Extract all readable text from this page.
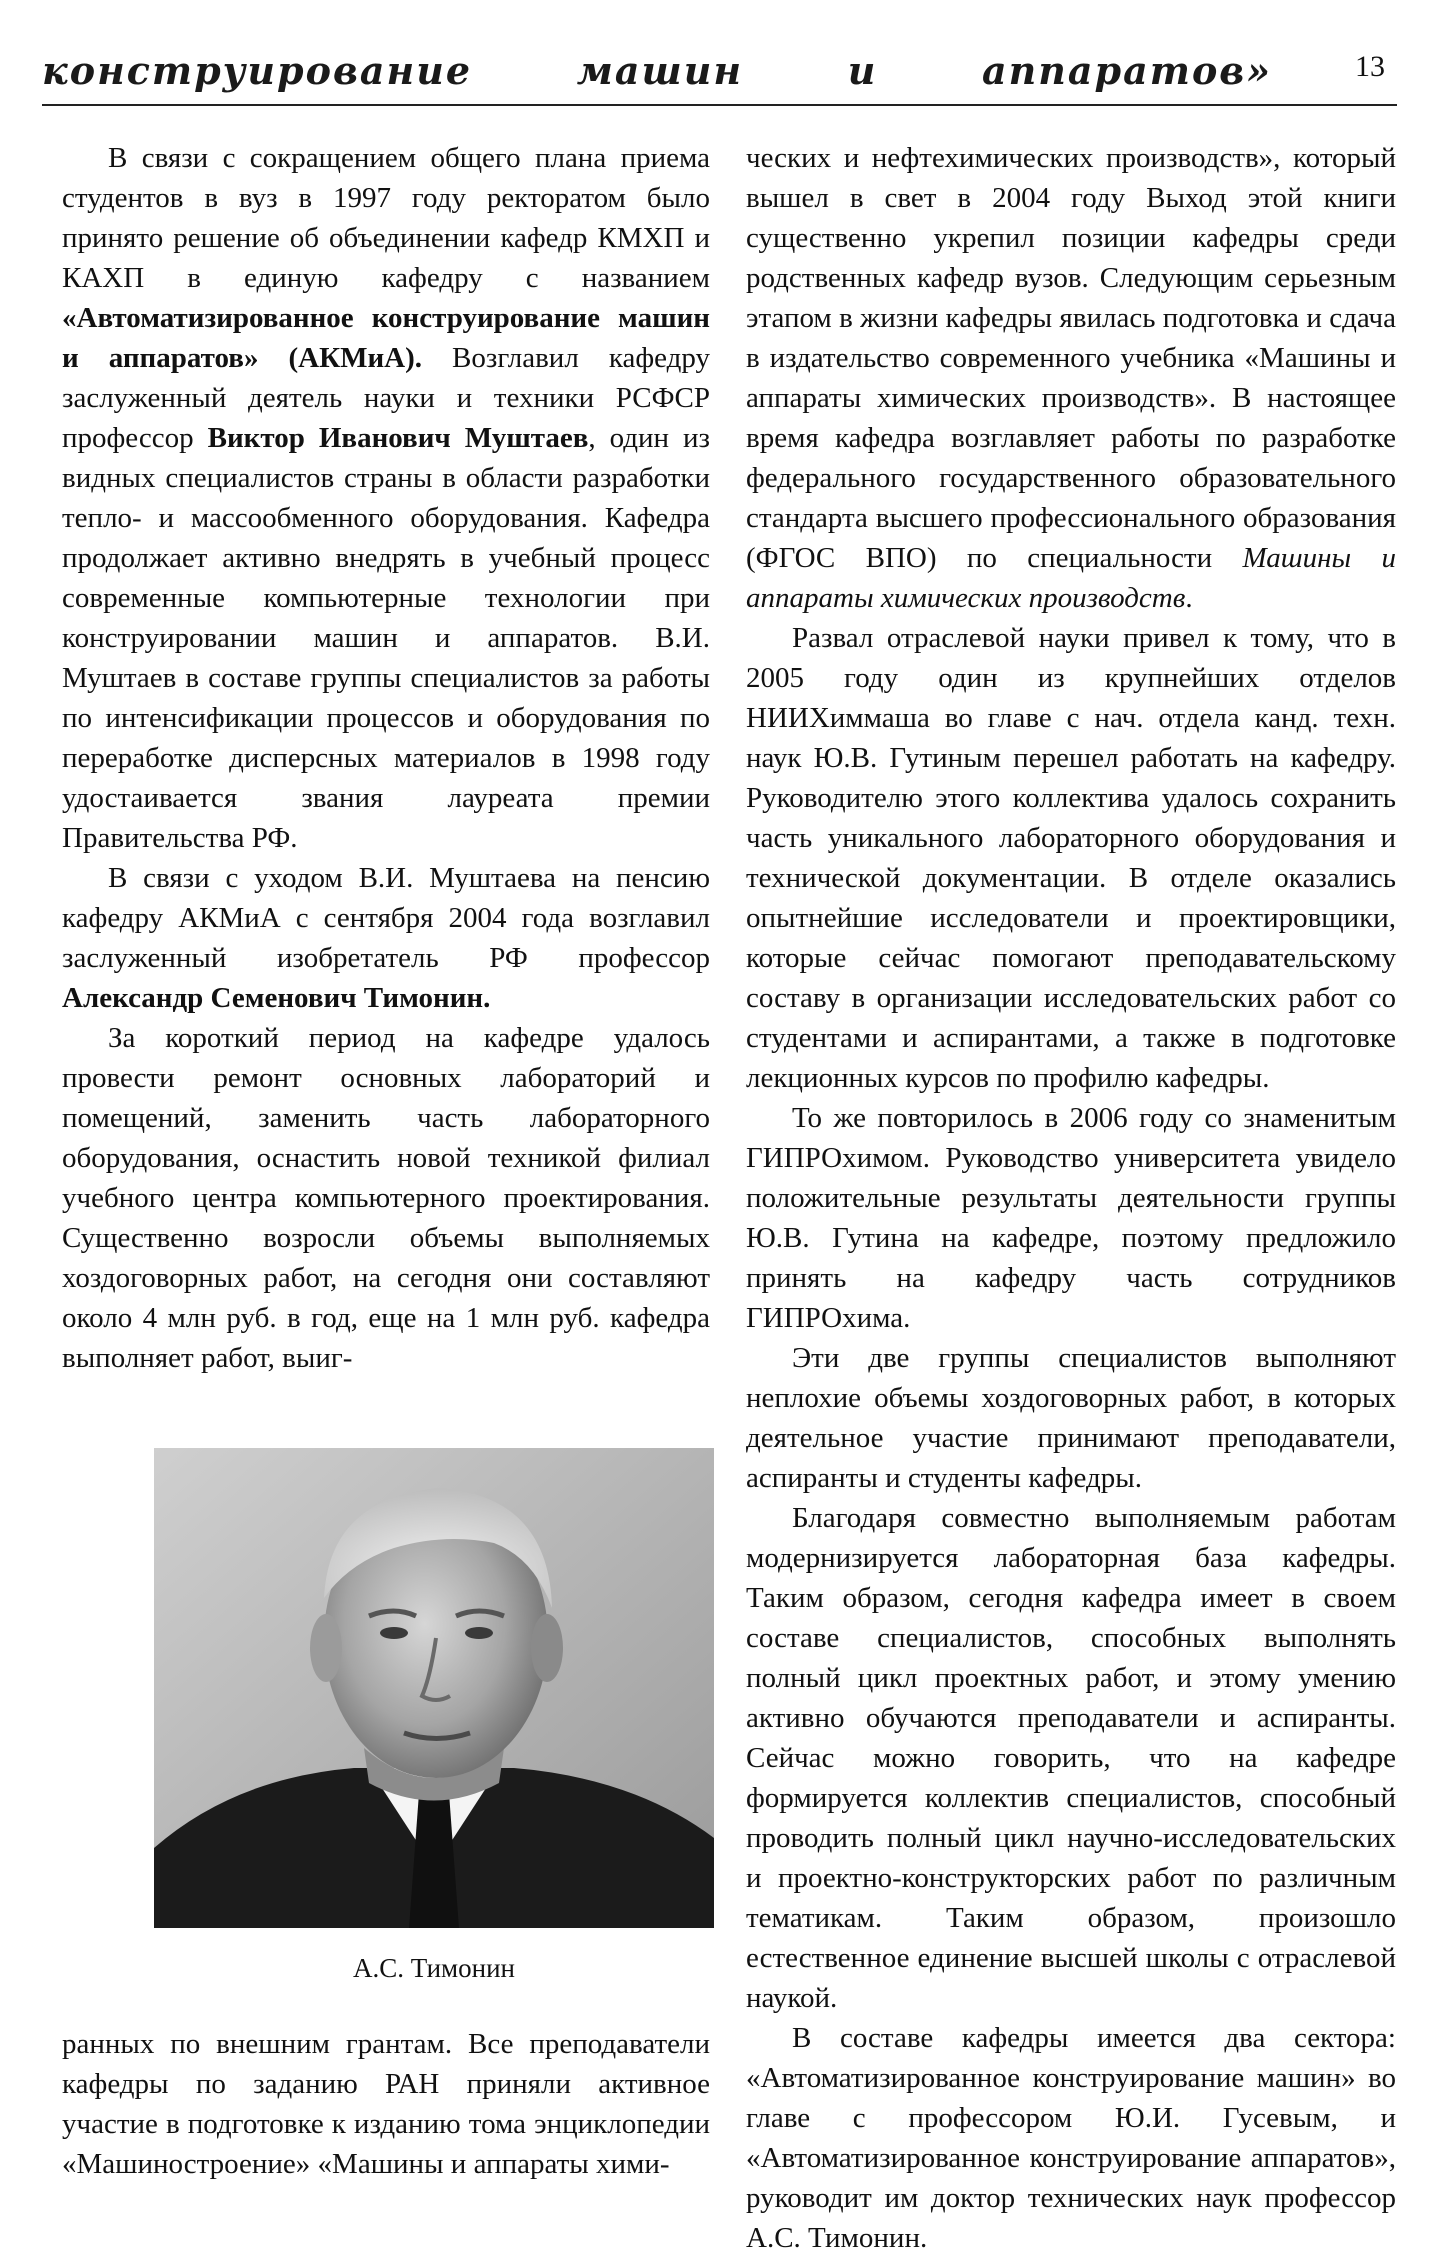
конструирование	машин	и	аппаратов»	13

В связи с сокращением общего плана приема студентов в вуз в 1997 году ректоратом было принято решение об объединении кафедр КМХП и КАХП в единую кафедру с названием «Автоматизированное конструирование машин и аппаратов» (АКМиА). Возглавил кафедру заслуженный деятель науки и техники РСФСР профессор Виктор Иванович Муштаев, один из видных специалистов страны в области разработки тепло- и массообменного оборудования. Кафедра продолжает активно внедрять в учебный процесс современные компьютерные технологии при конструировании машин и аппаратов. В.И. Муштаев в составе группы специалистов за работы по интенсификации процессов и оборудования по переработке дисперсных материалов в 1998 году удостаивается звания лауреата премии Правительства РФ.

В связи с уходом В.И. Муштаева на пенсию кафедру АКМиА с сентября 2004 года возглавил заслуженный изобретатель РФ профессор Александр Семенович Тимонин.

За короткий период на кафедре удалось провести ремонт основных лабораторий и помещений, заменить часть лабораторного оборудования, оснастить новой техникой филиал учебного центра компьютерного проектирования. Существенно возросли объемы выполняемых хоздоговорных работ, на сегодня они составляют около 4 млн руб. в год, еще на 1 млн руб. кафедра выполняет работ, выиг-

А.С. Тимонин

ранных по внешним грантам. Все преподаватели кафедры по заданию РАН приняли активное участие в подготовке к изданию тома энциклопедии «Машиностроение» «Машины и аппараты хими-

ческих и нефтехимических производств», который вышел в свет в 2004 году Выход этой книги существенно укрепил позиции кафедры среди родственных кафедр вузов. Следующим серьезным этапом в жизни кафедры явилась подготовка и сдача в издательство современного учебника «Машины и аппараты химических производств». В настоящее время кафедра возглавляет работы по разработке федерального государственного образовательного стандарта высшего профессионального образования (ФГОС ВПО) по специальности Машины и аппараты химических производств.

Развал отраслевой науки привел к тому, что в 2005 году один из крупнейших отделов НИИХиммаша во главе с нач. отдела канд. техн. наук Ю.В. Гутиным перешел работать на кафедру. Руководителю этого коллектива удалось сохранить часть уникального лабораторного оборудования и технической документации. В отделе оказались опытнейшие исследователи и проектировщики, которые сейчас помогают преподавательскому составу в организации исследовательских работ со студентами и аспирантами, а также в подготовке лекционных курсов по профилю кафедры.

То же повторилось в 2006 году со знаменитым ГИПРОхимом. Руководство университета увидело положительные результаты деятельности группы Ю.В. Гутина на кафедре, поэтому предложило принять на кафедру часть сотрудников ГИПРОхима.

Эти две группы специалистов выполняют неплохие объемы хоздоговорных работ, в которых деятельное участие принимают преподаватели, аспиранты и студенты кафедры.

Благодаря совместно выполняемым работам модернизируется лабораторная база кафедры. Таким образом, сегодня кафедра имеет в своем составе специалистов, способных выполнять полный цикл проектных работ, и этому умению активно обучаются преподаватели и аспиранты. Сейчас можно говорить, что на кафедре формируется коллектив специалистов, способный проводить полный цикл научно-исследовательских и проектно-конструкторских работ по различным тематикам. Таким образом, произошло естественное единение высшей школы с отраслевой наукой.

В составе кафедры имеется два сектора: «Автоматизированное конструирование машин» во главе с профессором Ю.И. Гусевым, и «Автоматизированное конструирование аппаратов», руководит им доктор технических наук профессор А.С. Тимонин.
